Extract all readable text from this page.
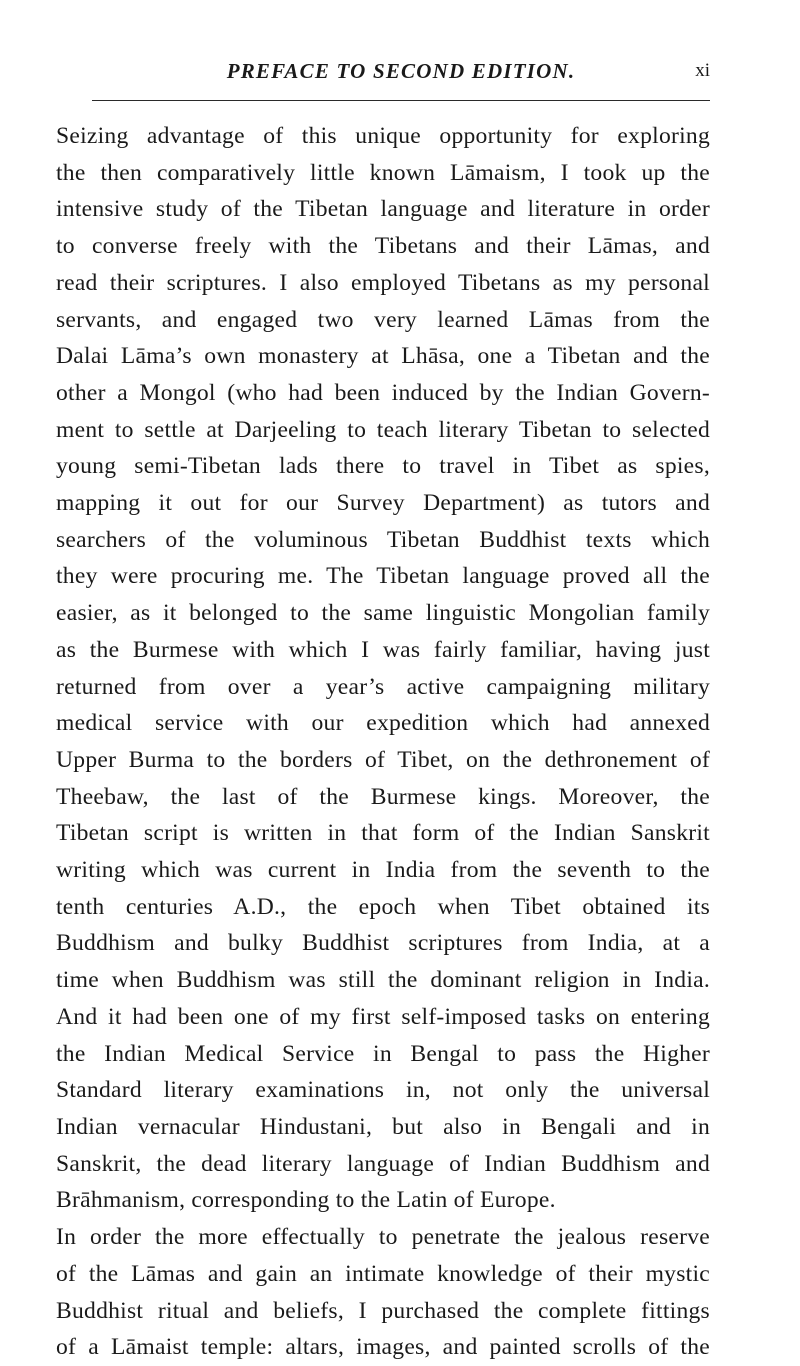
PREFACE TO SECOND EDITION.	xi

Seizing advantage of this unique opportunity for exploring
the then comparatively little known Lāmaism, I took up the
intensive study of the Tibetan language and literature in order
to converse freely with the Tibetans and their Lāmas, and
read their scriptures. I also employed Tibetans as my personal
servants, and engaged two very learned Lāmas from the
Dalai Lāma’s own monastery at Lhāsa, one a Tibetan and the
other a Mongol (who had been induced by the Indian Govern-
ment to settle at Darjeeling to teach literary Tibetan to selected
young semi-Tibetan lads there to travel in Tibet as spies,
mapping it out for our Survey Department) as tutors and
searchers of the voluminous Tibetan Buddhist texts which
they were procuring me. The Tibetan language proved all the
easier, as it belonged to the same linguistic Mongolian family
as the Burmese with which I was fairly familiar, having just
returned from over a year’s active campaigning military
medical service with our expedition which had annexed
Upper Burma to the borders of Tibet, on the dethronement of
Theebaw, the last of the Burmese kings. Moreover, the
Tibetan script is written in that form of the Indian Sanskrit
writing which was current in India from the seventh to the
tenth centuries A.D., the epoch when Tibet obtained its
Buddhism and bulky Buddhist scriptures from India, at a
time when Buddhism was still the dominant religion in India.
And it had been one of my first self-imposed tasks on entering
the Indian Medical Service in Bengal to pass the Higher
Standard literary examinations in, not only the universal
Indian vernacular Hindustani, but also in Bengali and in
Sanskrit, the dead literary language of Indian Buddhism and
Brāhmanism, corresponding to the Latin of Europe.

In order the more effectually to penetrate the jealous reserve
of the Lāmas and gain an intimate knowledge of their mystic
Buddhist ritual and beliefs, I purchased the complete fittings
of a Lāmaist temple: altars, images, and painted scrolls of the
